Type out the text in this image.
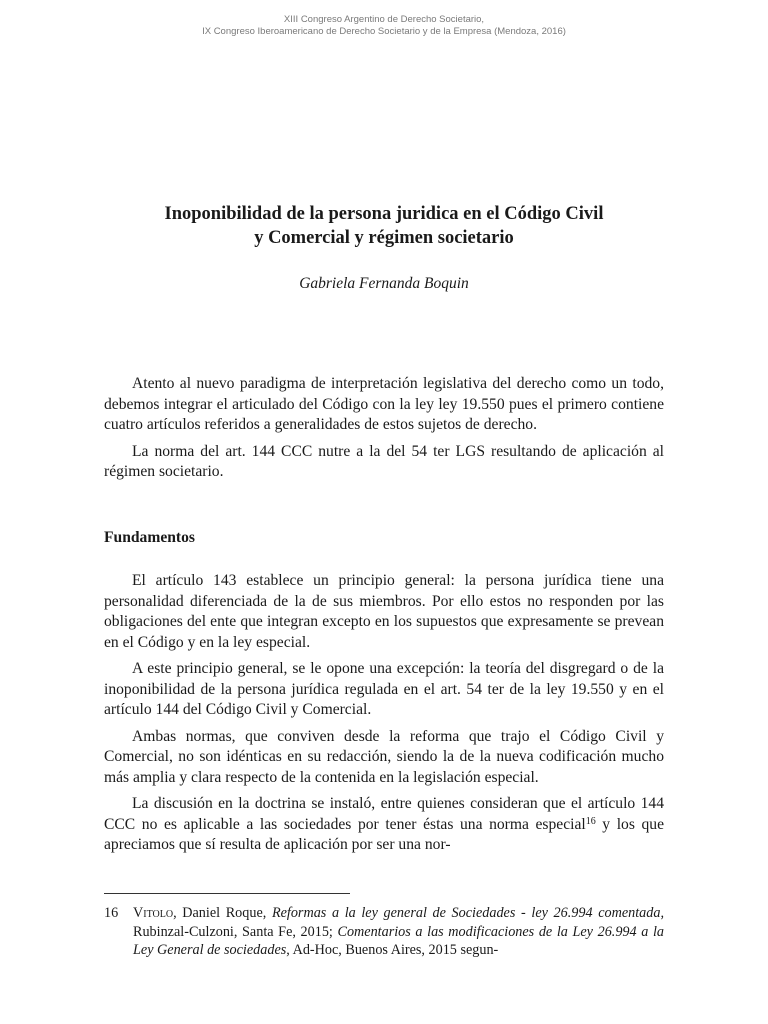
XIII Congreso Argentino de Derecho Societario,
IX Congreso Iberoamericano de Derecho Societario y de la Empresa (Mendoza, 2016)
Inoponibilidad de la persona juridica en el Código Civil
y Comercial y régimen societario
Gabriela Fernanda Boquin

Atento al nuevo paradigma de interpretación legislativa del derecho como un todo, debemos integrar el articulado del Código con la ley ley 19.550 pues el primero contiene cuatro artículos referidos a generalidades de estos sujetos de derecho.

La norma del art. 144 CCC nutre a la del 54 ter LGS resultando de aplicación al régimen societario.

Fundamentos

El artículo 143 establece un principio general: la persona jurídica tiene una personalidad diferenciada de la de sus miembros. Por ello estos no responden por las obligaciones del ente que integran excepto en los supuestos que expresamente se prevean en el Código y en la ley especial.

A este principio general, se le opone una excepción: la teoría del disgregard o de la inoponibilidad de la persona jurídica regulada en el art. 54 ter de la ley 19.550 y en el artículo 144 del Código Civil y Comercial.

Ambas normas, que conviven desde la reforma que trajo el Código Civil y Comercial, no son idénticas en su redacción, siendo la de la nueva codificación mucho más amplia y clara respecto de la contenida en la legislación especial.

La discusión en la doctrina se instaló, entre quienes consideran que el artículo 144 CCC no es aplicable a las sociedades por tener éstas una norma especial$^{16}$ y los que apreciamos que sí resulta de aplicación por ser una nor-

16 Vitolo, Daniel Roque, Reformas a la ley general de Sociedades - ley 26.994 comentada, Rubinzal-Culzoni, Santa Fe, 2015; Comentarios a las modificaciones de la Ley 26.994 a la Ley General de sociedades, Ad-Hoc, Buenos Aires, 2015 segun-
